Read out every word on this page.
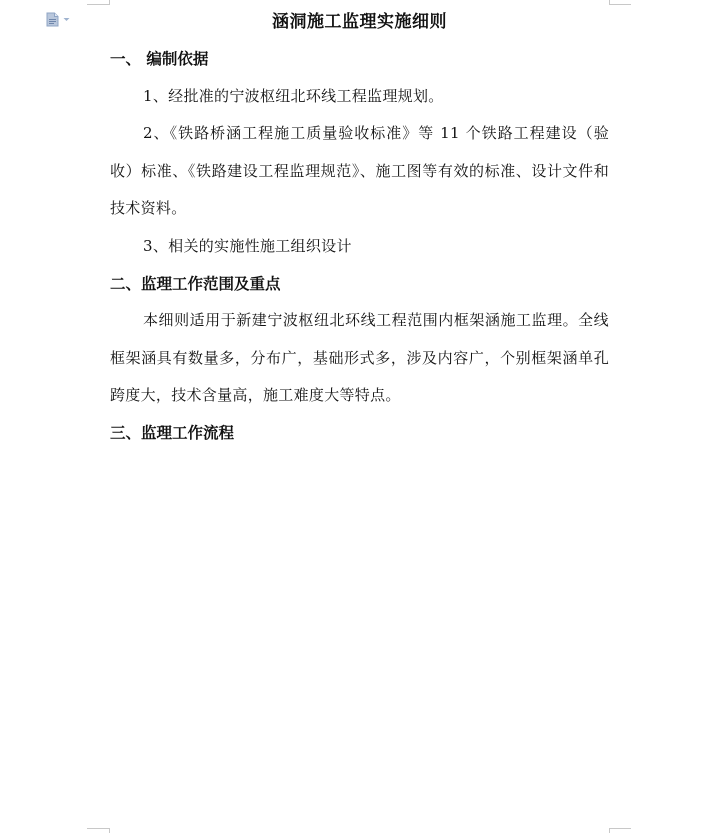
涵洞施工监理实施细则
一、 编制依据
1、经批准的宁波枢纽北环线工程监理规划。
2、《铁路桥涵工程施工质量验收标准》等 11 个铁路工程建设（验收）标准、《铁路建设工程监理规范》、施工图等有效的标准、设计文件和技术资料。
3、相关的实施性施工组织设计
二、监理工作范围及重点
本细则适用于新建宁波枢纽北环线工程范围内框架涵施工监理。全线框架涵具有数量多，分布广，基础形式多，涉及内容广，个别框架涵单孔跨度大，技术含量高，施工难度大等特点。
三、监理工作流程
